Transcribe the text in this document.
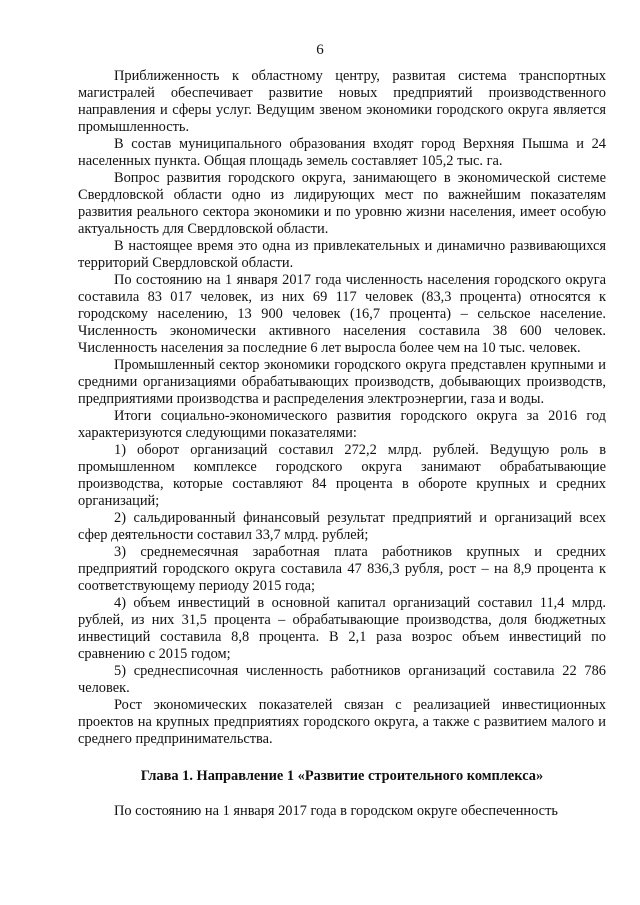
6

Приближенность к областному центру, развитая система транспортных магистралей обеспечивает развитие новых предприятий производственного направления и сферы услуг. Ведущим звеном экономики городского округа является промышленность.

В состав муниципального образования входят город Верхняя Пышма и 24 населенных пункта. Общая площадь земель составляет 105,2 тыс. га.

Вопрос развития городского округа, занимающего в экономической системе Свердловской области одно из лидирующих мест по важнейшим показателям развития реального сектора экономики и по уровню жизни населения, имеет особую актуальность для Свердловской области.

В настоящее время это одна из привлекательных и динамично развивающихся территорий Свердловской области.

По состоянию на 1 января 2017 года численность населения городского округа составила 83 017 человек, из них 69 117 человек (83,3 процента) относятся к городскому населению, 13 900 человек (16,7 процента) – сельское население. Численность экономически активного населения составила 38 600 человек. Численность населения за последние 6 лет выросла более чем на 10 тыс. человек.

Промышленный сектор экономики городского округа представлен крупными и средними организациями обрабатывающих производств, добывающих производств, предприятиями производства и распределения электроэнергии, газа и воды.

Итоги социально-экономического развития городского округа за 2016 год характеризуются следующими показателями:

1) оборот организаций составил 272,2 млрд. рублей. Ведущую роль в промышленном комплексе городского округа занимают обрабатывающие производства, которые составляют 84 процента в обороте крупных и средних организаций;

2) сальдированный финансовый результат предприятий и организаций всех сфер деятельности составил 33,7 млрд. рублей;

3) среднемесячная заработная плата работников крупных и средних предприятий городского округа составила 47 836,3 рубля, рост – на 8,9 процента к соответствующему периоду 2015 года;

4) объем инвестиций в основной капитал организаций составил 11,4 млрд. рублей, из них 31,5 процента – обрабатывающие производства, доля бюджетных инвестиций составила 8,8 процента. В 2,1 раза возрос объем инвестиций по сравнению с 2015 годом;

5) среднесписочная численность работников организаций составила 22 786 человек.

Рост экономических показателей связан с реализацией инвестиционных проектов на крупных предприятиях городского округа, а также с развитием малого и среднего предпринимательства.

Глава 1. Направление 1 «Развитие строительного комплекса»

По состоянию на 1 января 2017 года в городском округе обеспеченность
